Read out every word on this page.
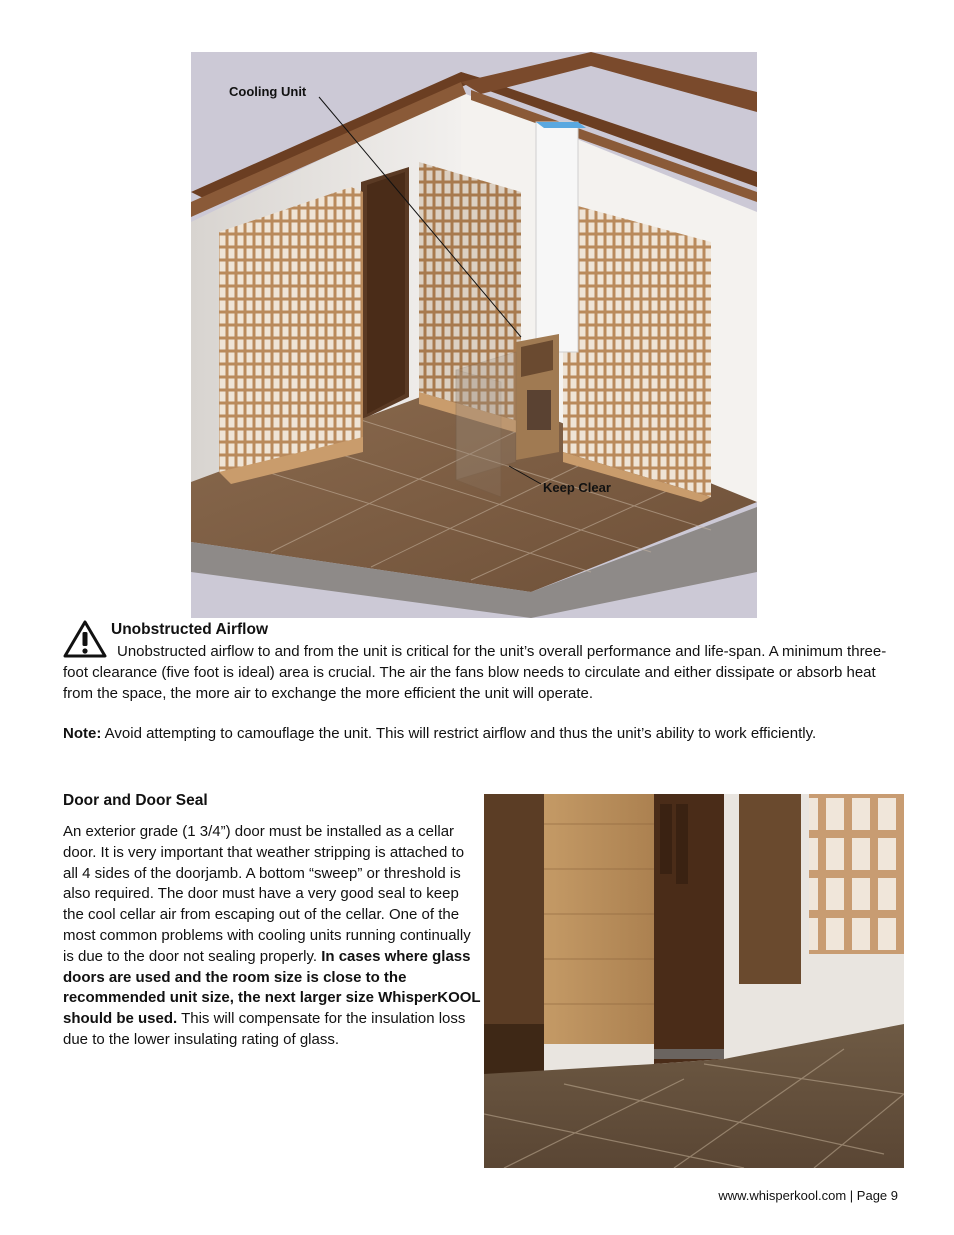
Cooling Unit
Keep Clear
Unobstructed Airflow
Unobstructed airflow to and from the unit is critical for the unit’s overall performance and life-span. A minimum three-foot clearance (five foot is ideal) area is crucial. The air the fans blow needs to circulate and either dissipate or absorb heat from the space, the more air to exchange the more efficient the unit will operate.
Note: Avoid attempting to camouflage the unit. This will restrict airflow and thus the unit’s ability to work efficiently.
Door and Door Seal

An exterior grade (1 3/4”) door must be installed as a cellar door. It is very important that weather stripping is attached to all 4 sides of the doorjamb. A bottom “sweep” or threshold is also required. The door must have a very good seal to keep the cool cellar air from escaping out of the cellar. One of the most common problems with cooling units running continually is due to the door not sealing properly. In cases where glass doors are used and the room size is close to the recommended unit size, the next larger size WhisperKOOL should be used. This will compensate for the insulation loss due to the lower insulating rating of glass.

www.whisperkool.com | Page 9
